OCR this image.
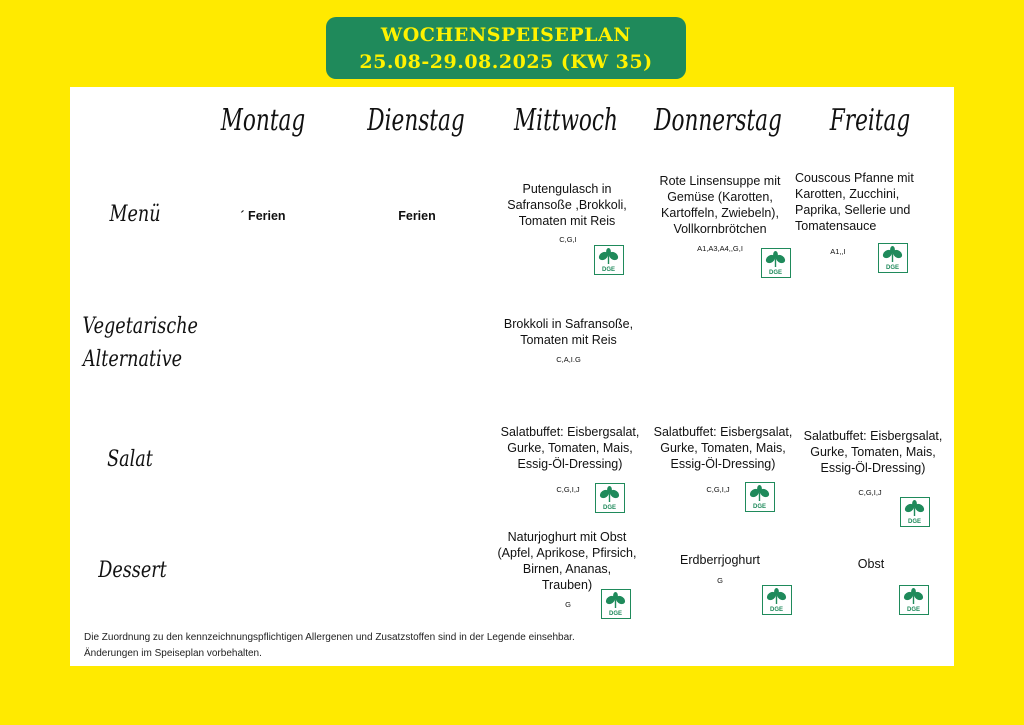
WOCHENSPEISEPLAN
25.08-29.08.2025 (KW 35)
Montag Dienstag Mittwoch Donnerstag Freitag
Menü
Vegetarische
Alternative
Salat
Dessert
´ Ferien	Ferien
Putengulasch in
Safransoße ,Brokkoli,
Tomaten mit Reis
C,G,I
DGE
Rote Linsensuppe mit
Gemüse (Karotten,
Kartoffeln, Zwiebeln),
Vollkornbrötchen
A1,A3,A4,,G,I
DGE
Couscous Pfanne mit
Karotten, Zucchini,
Paprika, Sellerie und
Tomatensauce
A1,,I
DGE
Brokkoli in Safransoße,
Tomaten mit Reis
C,A,I.G
Salatbuffet: Eisbergsalat,
Gurke, Tomaten, Mais,
Essig-Öl-Dressing)
C,G,I,J
DGE
Salatbuffet: Eisbergsalat,
Gurke, Tomaten, Mais,
Essig-Öl-Dressing)
C,G,I,J
DGE
Salatbuffet: Eisbergsalat,
Gurke, Tomaten, Mais,
Essig-Öl-Dressing)
C,G,I,J
DGE
Naturjoghurt mit Obst
(Apfel, Aprikose, Pfirsich,
Birnen, Ananas,
Trauben)
G
DGE
Erdberrjoghurt
G
DGE
Obst
DGE
Die Zuordnung zu den kennzeichnungspflichtigen Allergenen und Zusatzstoffen sind in der Legende einsehbar.
Änderungen im Speiseplan vorbehalten.
